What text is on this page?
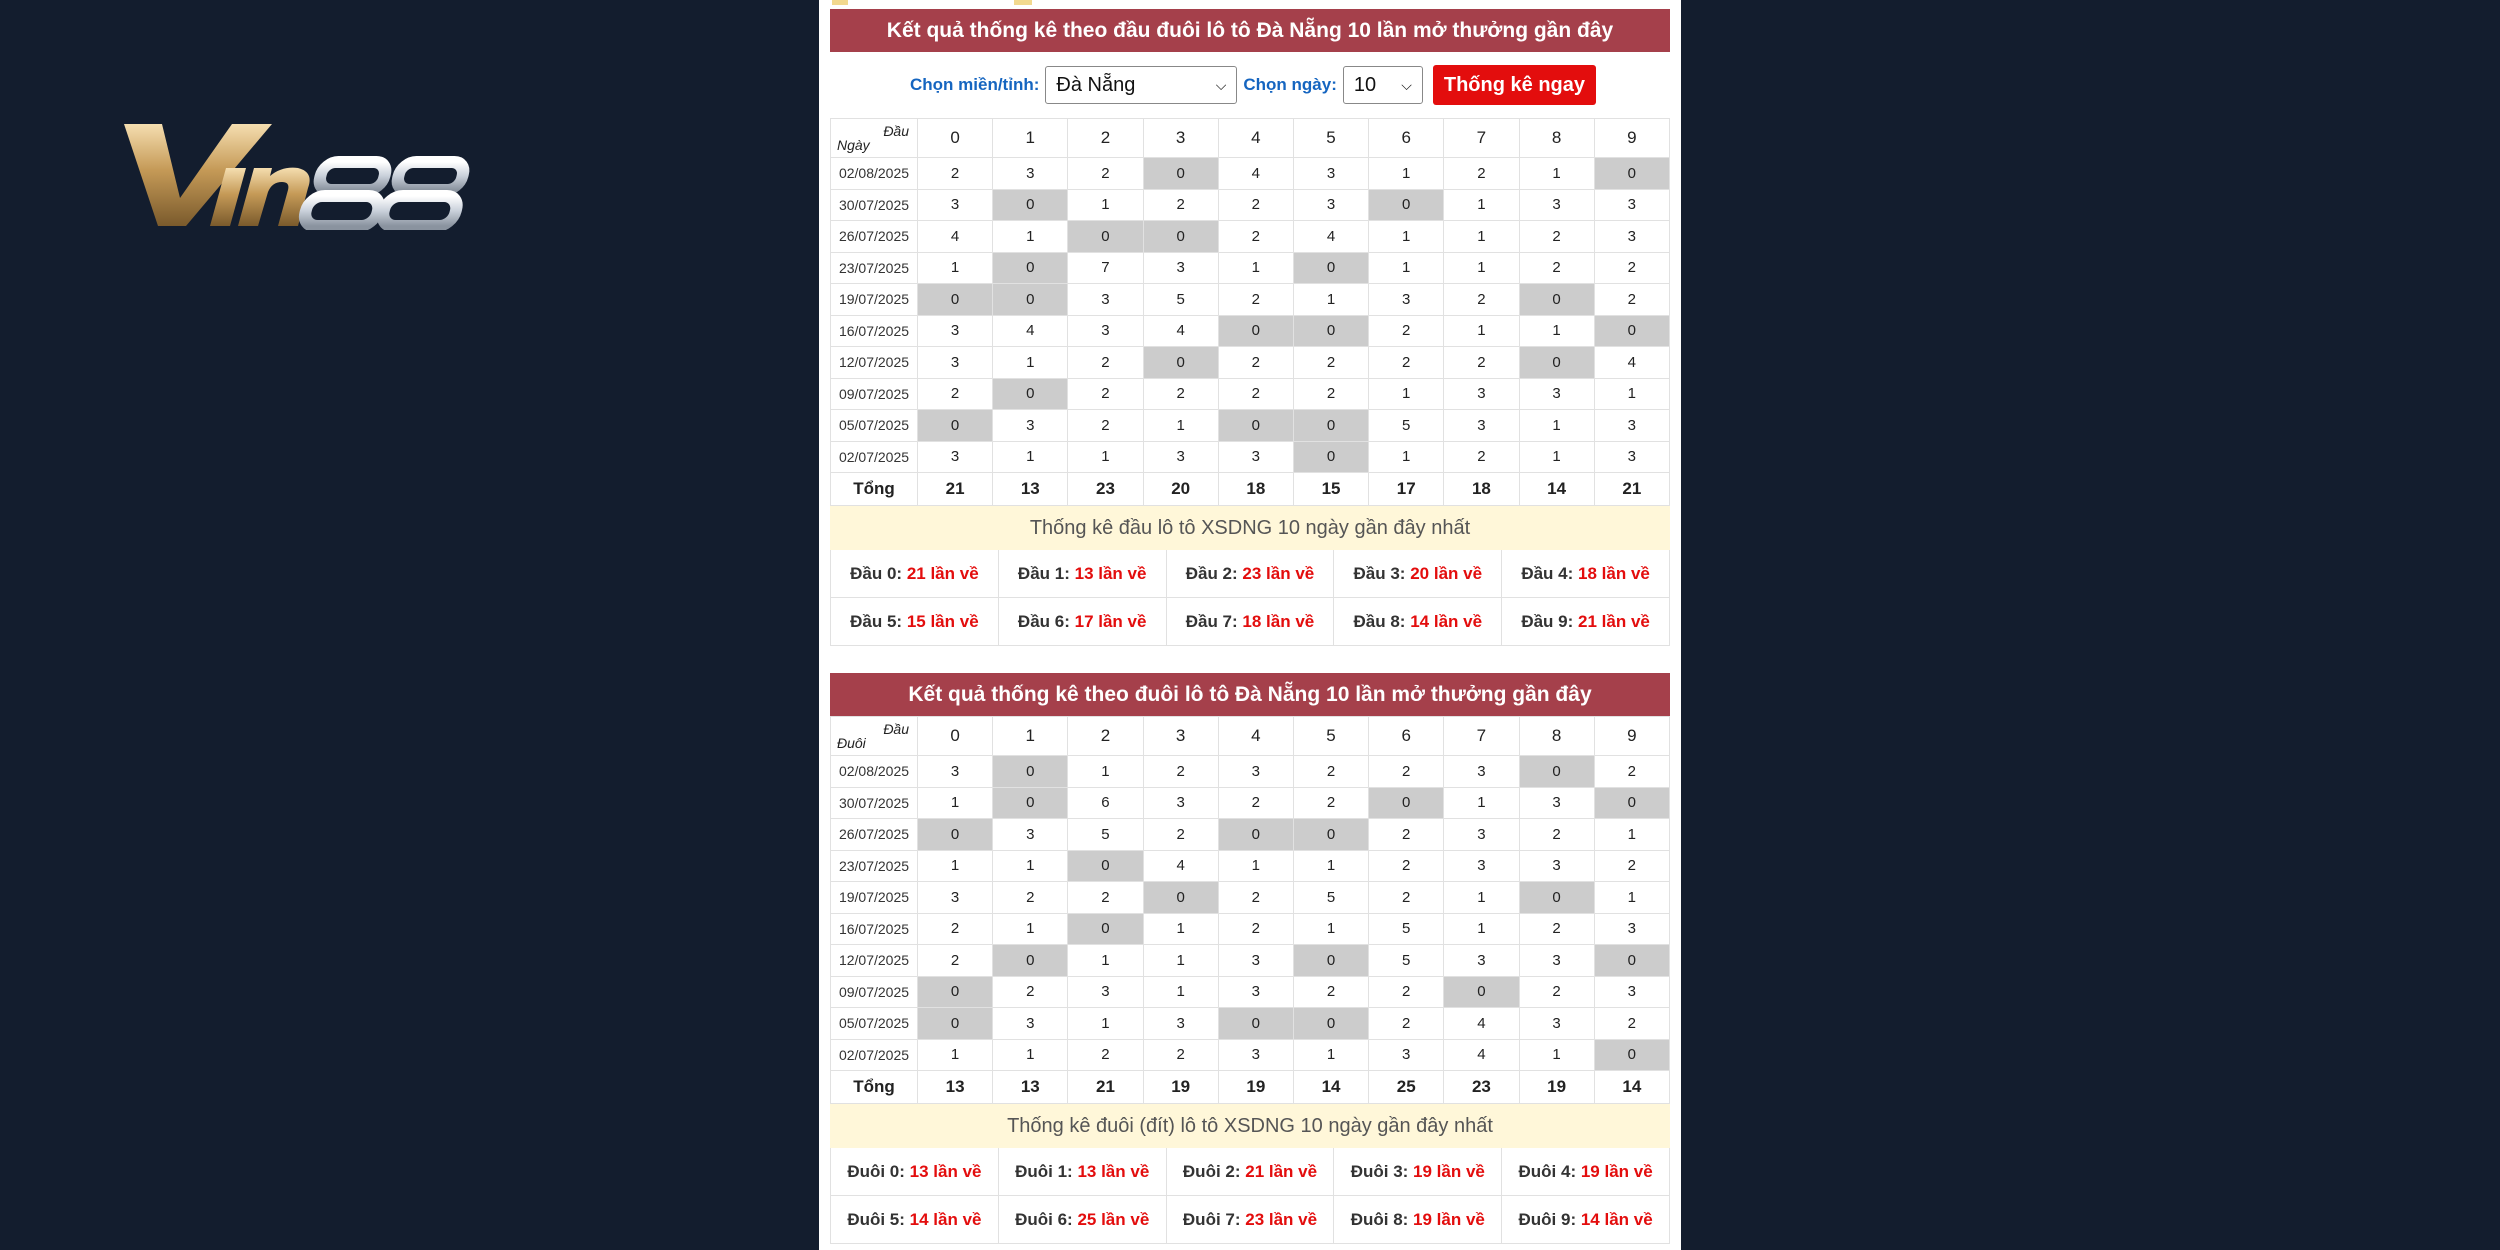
Kết quả thống kê theo đầu đuôi lô tô Đà Nẵng 10 lần mở thưởng gần đây
Chọn miền/tỉnh: Đà Nẵng	⌵ Chọn ngày: 10 ⌵	Thống kê ngay
Đầu
Ngày	0	1	2	3	4	5	6	7	8	9
02/08/2025	2	3	2	0	4	3	1	2	1	0
30/07/2025	3	0	1	2	2	3	0	1	3	3
26/07/2025	4	1	0	0	2	4	1	1	2	3
23/07/2025	1	0	7	3	1	0	1	1	2	2
19/07/2025	0	0	3	5	2	1	3	2	0	2
16/07/2025	3	4	3	4	0	0	2	1	1	0
12/07/2025	3	1	2	0	2	2	2	2	0	4
09/07/2025	2	0	2	2	2	2	1	3	3	1
05/07/2025	0	3	2	1	0	0	5	3	1	3
02/07/2025	3	1	1	3	3	0	1	2	1	3
Tổng	21	13	23	20	18	15	17	18	14	21
Thống kê đầu lô tô XSDNG 10 ngày gần đây nhất
Đầu 0: 21 lần về	Đầu 1: 13 lần về	Đầu 2: 23 lần về	Đầu 3: 20 lần về	Đầu 4: 18 lần về
Đầu 5: 15 lần về	Đầu 6: 17 lần về	Đầu 7: 18 lần về	Đầu 8: 14 lần về	Đầu 9: 21 lần về
Kết quả thống kê theo đuôi lô tô Đà Nẵng 10 lần mở thưởng gần đây
Đầu
Đuôi	0	1	2	3	4	5	6	7	8	9
02/08/2025	3	0	1	2	3	2	2	3	0	2
30/07/2025	1	0	6	3	2	2	0	1	3	0
26/07/2025	0	3	5	2	0	0	2	3	2	1
23/07/2025	1	1	0	4	1	1	2	3	3	2
19/07/2025	3	2	2	0	2	5	2	1	0	1
16/07/2025	2	1	0	1	2	1	5	1	2	3
12/07/2025	2	0	1	1	3	0	5	3	3	0
09/07/2025	0	2	3	1	3	2	2	0	2	3
05/07/2025	0	3	1	3	0	0	2	4	3	2
02/07/2025	1	1	2	2	3	1	3	4	1	0
Tổng	13	13	21	19	19	14	25	23	19	14
Thống kê đuôi (đít) lô tô XSDNG 10 ngày gần đây nhất
Đuôi 0: 13 lần về	Đuôi 1: 13 lần về	Đuôi 2: 21 lần về	Đuôi 3: 19 lần về	Đuôi 4: 19 lần về
Đuôi 5: 14 lần về	Đuôi 6: 25 lần về	Đuôi 7: 23 lần về	Đuôi 8: 19 lần về	Đuôi 9: 14 lần về
